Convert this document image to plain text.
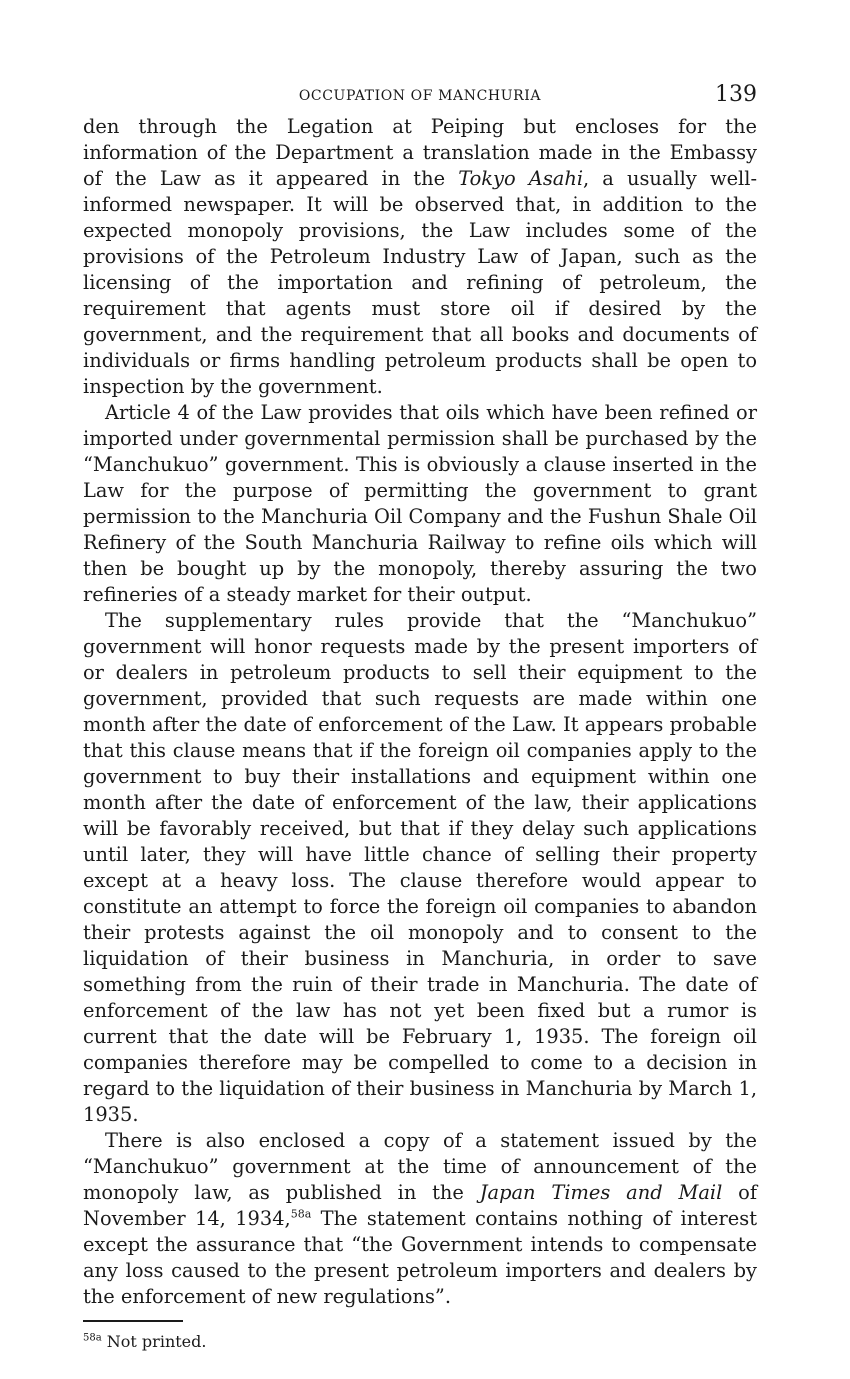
OCCUPATION OF MANCHURIA	139

den through the Legation at Peiping but encloses for the information of the Department a translation made in the Embassy of the Law as it appeared in the Tokyo Asahi, a usually well-informed newspaper. It will be observed that, in addition to the expected monopoly provisions, the Law includes some of the provisions of the Petroleum Industry Law of Japan, such as the licensing of the importation and refining of petroleum, the requirement that agents must store oil if desired by the government, and the requirement that all books and documents of individuals or firms handling petroleum products shall be open to inspection by the government.

Article 4 of the Law provides that oils which have been refined or imported under governmental permission shall be purchased by the “Manchukuo” government. This is obviously a clause inserted in the Law for the purpose of permitting the government to grant permission to the Manchuria Oil Company and the Fushun Shale Oil Refinery of the South Manchuria Railway to refine oils which will then be bought up by the monopoly, thereby assuring the two refineries of a steady market for their output.

The supplementary rules provide that the “Manchukuo” government will honor requests made by the present importers of or dealers in petroleum products to sell their equipment to the government, provided that such requests are made within one month after the date of enforcement of the Law. It appears probable that this clause means that if the foreign oil companies apply to the government to buy their installations and equipment within one month after the date of enforcement of the law, their applications will be favorably received, but that if they delay such applications until later, they will have little chance of selling their property except at a heavy loss. The clause therefore would appear to constitute an attempt to force the foreign oil companies to abandon their protests against the oil monopoly and to consent to the liquidation of their business in Manchuria, in order to save something from the ruin of their trade in Manchuria. The date of enforcement of the law has not yet been fixed but a rumor is current that the date will be February 1, 1935. The foreign oil companies therefore may be compelled to come to a decision in regard to the liquidation of their business in Manchuria by March 1, 1935.

There is also enclosed a copy of a statement issued by the “Manchukuo” government at the time of announcement of the monopoly law, as published in the Japan Times and Mail of November 14, 1934,$^{58a}$ The statement contains nothing of interest except the assurance that “the Government intends to compensate any loss caused to the present petroleum importers and dealers by the enforcement of new regulations”.

$^{58a}$ Not printed.
